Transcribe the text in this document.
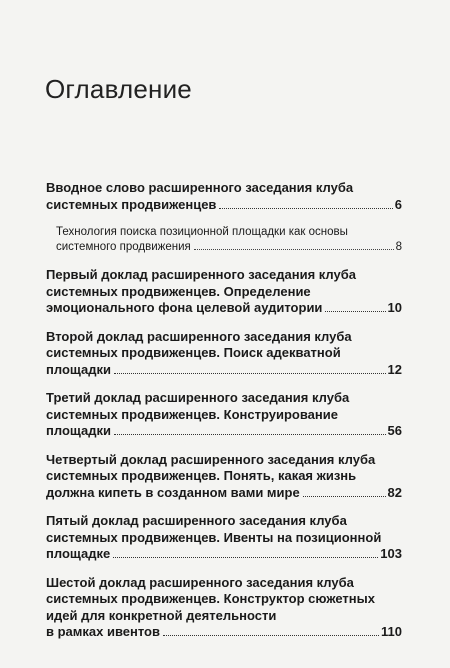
Оглавление
Вводное слово расширенного заседания клуба
системных продвиженцев	6
Технология поиска позиционной площадки как основы
системного продвижения	8
Первый доклад расширенного заседания клуба
системных продвиженцев. Определение
эмоционального фона целевой аудитории	10
Второй доклад расширенного заседания клуба
системных продвиженцев. Поиск адекватной
площадки	12
Третий доклад расширенного заседания клуба
системных продвиженцев. Конструирование
площадки	56
Четвертый доклад расширенного заседания клуба
системных продвиженцев. Понять, какая жизнь
должна кипеть в созданном вами мире	82
Пятый доклад расширенного заседания клуба
системных продвиженцев. Ивенты на позиционной
площадке	103
Шестой доклад расширенного заседания клуба
системных продвиженцев. Конструктор сюжетных
идей для конкретной деятельности
в рамках ивентов	110
